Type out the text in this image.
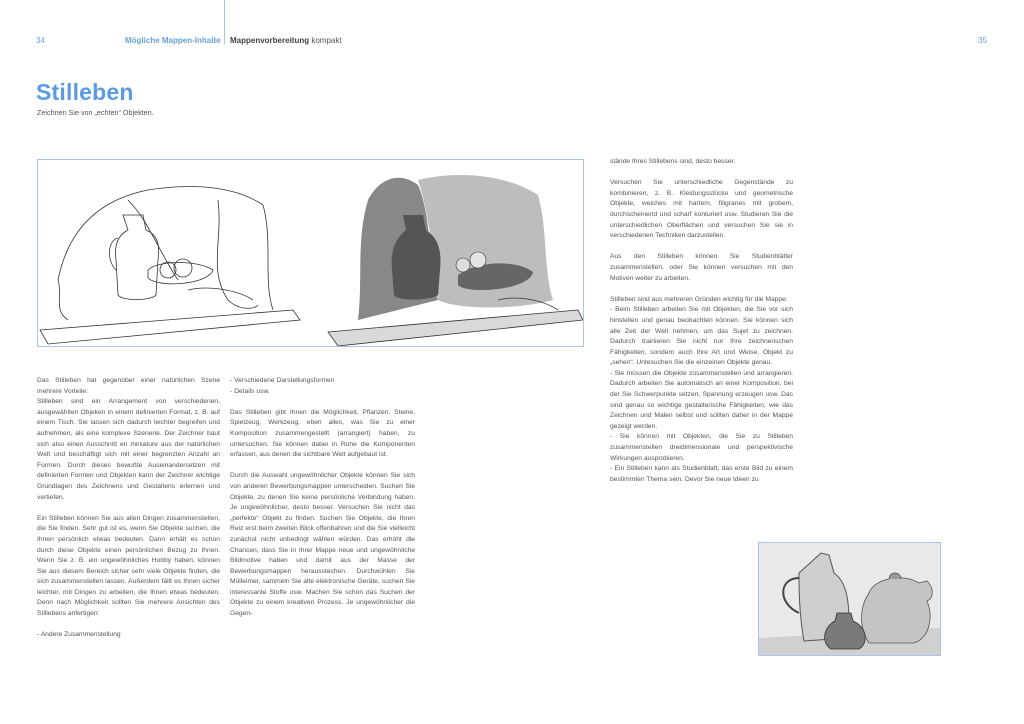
34	Mögliche Mappen-Inhalte Mappenvorbereitung kompakt	35
Stilleben
Zeichnen Sie von „echten“ Objekten.

Das Stilleben hat gegenüber einer natürlichen Szene mehrere Vorteile:

Stilleben sind ein Arrangement von verschiedenen, ausgewählten Objeken in einem definierten Format, z. B. auf einem Tisch. Sie lassen sich dadurch leichter begreifen und aufnehmen, als eine komplexe Szenerie. Der Zeichner baut sich also einen Ausschnitt en miniature aus der natürlichen Welt und beschäftigt sich mit einer begrenzten Anzahl an Formen. Durch dieses bewußte Auseinandersetzen mit definierten Formen und Objekten kann der Zeichner wichtige Grundlagen des Zeichnens und Gestaltens erlernen und vertiefen.

Ein Stilleben können Sie aus allen Dingen zusammenstellen, die Sie finden. Sehr gut ist es, wenn Sie Objekte suchen, die Ihnen persönlich etwas bedeuten. Dann erhält es schon durch diese Objekte einen persönlichen Bezug zu Ihnen. Wenn Sie z. B. ein ungewöhnliches Hobby haben, können Sie aus diesem Bereich sicher sehr viele Objekte finden, die sich zusammenstellen lassen. Außerdem fällt es Ihnen sicher leichter, mit Dingen zu arbeiten, die Ihnen etwas bedeuten. Denn nach Möglichkeit sollten Sie mehrere Ansichten des Stillebens anfertigen:

- Andere Zusammenstellung

- Verschiedene Darstellungsformen

- Details usw.

Das Stilleben gibt Ihnen die Möglichkeit, Pflanzen, Steine, Spielzeug, Werkzeug, eben alles, was Sie zu einer Komposition zusammengestellt (arrangiert) haben, zu untersuchen. Sie können dabei in Ruhe die Komponenten erfassen, aus denen die sichtbare Welt aufgebaut ist.

Durch die Auswahl ungewöhnlicher Objekte können Sie sich von anderen Bewerbungsmappen unterscheiden. Suchen Sie Objekte, zu denen Sie keine persönliche Verbindung haben. Je ungewöhnlicher, desto besser. Versuchen Sie nicht das „perfekte“ Objekt zu finden. Suchen Sie Objekte, die Ihren Reiz erst beim zweiten Blick offenbahren und die Sie vielleicht zunächst nicht unbedingt wählen würden. Das erhöht die Chancen, dass Sie in Ihrer Mappe neue und ungewöhnliche Bildmotive haben und damit aus der Masse der Bewerbungsmappen herausstechen. Durchwühlen Sie Mülleimer, sammeln Sie alte elektronische Geräte, suchen Sie interessante Stoffe usw. Machen Sie schon das Suchen der Objekte zu einem kreativen Prozess. Je ungewöhnlicher die Gegen-

stände Ihres Stillebens sind, desto besser.

Versuchen Sie unterschiedliche Gegenstände zu kombinieren, z. B. Kleidungsstücke und geometrische Objekte, weiches mit hartem, filigranes mit grobem, durchscheinend und scharf konturiert usw. Studieren Sie die unterschiedlichen Oberflächen und versuchen Sie sie in verschiedenen Techniken darzustellen.

Aus den Stilleben können Sie Studienblätter zusammenstellen, oder Sie können versuchen mit den Motiven weiter zu arbeiten.

Stilleben sind aus mehreren Gründen wichtig für die Mappe:

- Beim Stilleben arbeiten Sie mit Objekten, die Sie vor sich hinstellen und genau beobachten können. Sie können sich alle Zeit der Welt nehmen, um das Sujet zu zeichnen. Dadurch trainieren Sie nicht nur Ihre zeichnerischen Fähigkeiten, sondern auch Ihre Art und Weise, Objekt zu „sehen“. Untesuchen Sie die einzeinen Objekte genau.

- Sie müssen die Objekte zusammenstellen und arrangieren. Dadurch arbeiten Sie automatisch an einer Komposition, bei der Sie Schwerpunkte setzen, Spannung erzeugen usw. Das sind genau so wichtige gestalterische Fähigkeiten, wie das Zeichnen und Malen selbst und sollten daher in der Mappe gezeigt werden.

- Sie können mit Objekten, die Sie zu Stilleben zusammenstellen dreidimensionale und perspektivische Wirkungen ausprobieren.

- Ein Stilleben kann als Studienblatt, das erste Bild zu einem bestimmten Thema sein. Devor Sie neue Ideen zu
